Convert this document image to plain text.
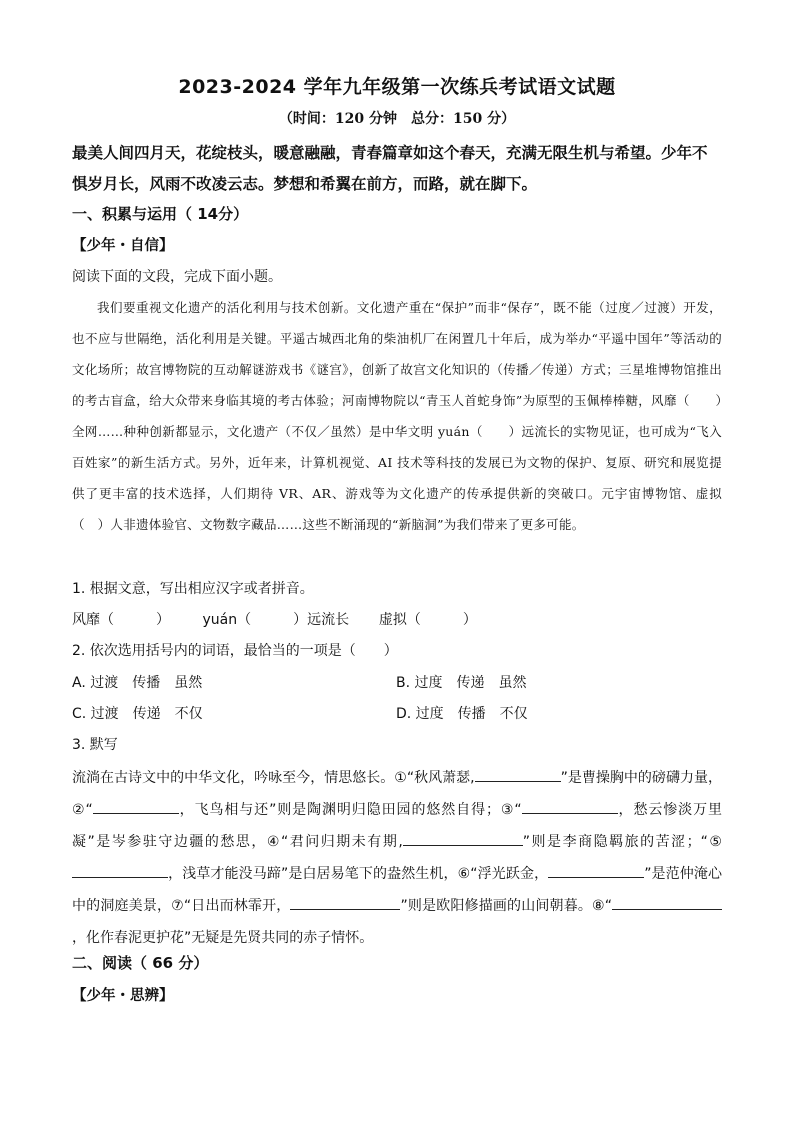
2023-2024 学年九年级第一次练兵考试语文试题
（时间：120 分钟　总分：150 分）
最美人间四月天，花绽枝头，暖意融融，青春篇章如这个春天，充满无限生机与希望。少年不惧岁月长，风雨不改凌云志。梦想和希翼在前方，而路，就在脚下。
一、积累与运用（ 14分）
【少年・自信】
阅读下面的文段，完成下面小题。
我们要重视文化遗产的活化利用与技术创新。文化遗产重在“保护”而非“保存”，既不能（过度／过渡）开发，也不应与世隔绝，活化利用是关键。平遥古城西北角的柴油机厂在闲置几十年后，成为举办“平遥中国年”等活动的文化场所；故宫博物院的互动解谜游戏书《谜宫》，创新了故宫文化知识的（传播／传递）方式；三星堆博物馆推出的考古盲盒，给大众带来身临其境的考古体验；河南博物院以“青玉人首蛇身饰”为原型的玉佩棒棒糖，风靡（　　）全网……种种创新都显示，文化遗产（不仅／虽然）是中华文明 yuán（　　）远流长的实物见证，也可成为“飞入百姓家”的新生活方式。另外，近年来，计算机视觉、AI 技术等科技的发展已为文物的保护、复原、研究和展览提供了更丰富的技术选择，人们期待 VR、AR、游戏等为文化遗产的传承提供新的突破口。元宇宙博物馆、虚拟（　）人非遗体验官、文物数字藏品……这些不断涌现的“新脑洞”为我们带来了更多可能。
1. 根据文意，写出相应汉字或者拼音。
风靡（　　　） yuán（　　　）远流长 虚拟（　　　）
2. 依次选用括号内的词语，最恰当的一项是（　　）
A. 过渡　传播　虽然	B. 过度　传递　虽然
C. 过渡　传递　不仅	D. 过度　传播　不仅
3. 默写
流淌在古诗文中的中华文化，吟咏至今，情思悠长。①“秋风萧瑟,	”是曹操胸中的磅礴力量，②“	，飞鸟相与还”则是陶渊明归隐田园的悠然自得；③“	，愁云惨淡万里凝”是岑参驻守边疆的愁思，④“君问归期未有期,	”则是李商隐羁旅的苦涩；“⑤，浅草才能没马蹄”是白居易笔下的盎然生机，⑥“浮光跃金，	”是范仲淹心中的洞庭美景，⑦“日出而林霏开，	”则是欧阳修描画的山间朝暮。⑧“，化作春泥更护花”无疑是先贤共同的赤子情怀。
二、阅读（ 66 分）
【少年・思辨】
